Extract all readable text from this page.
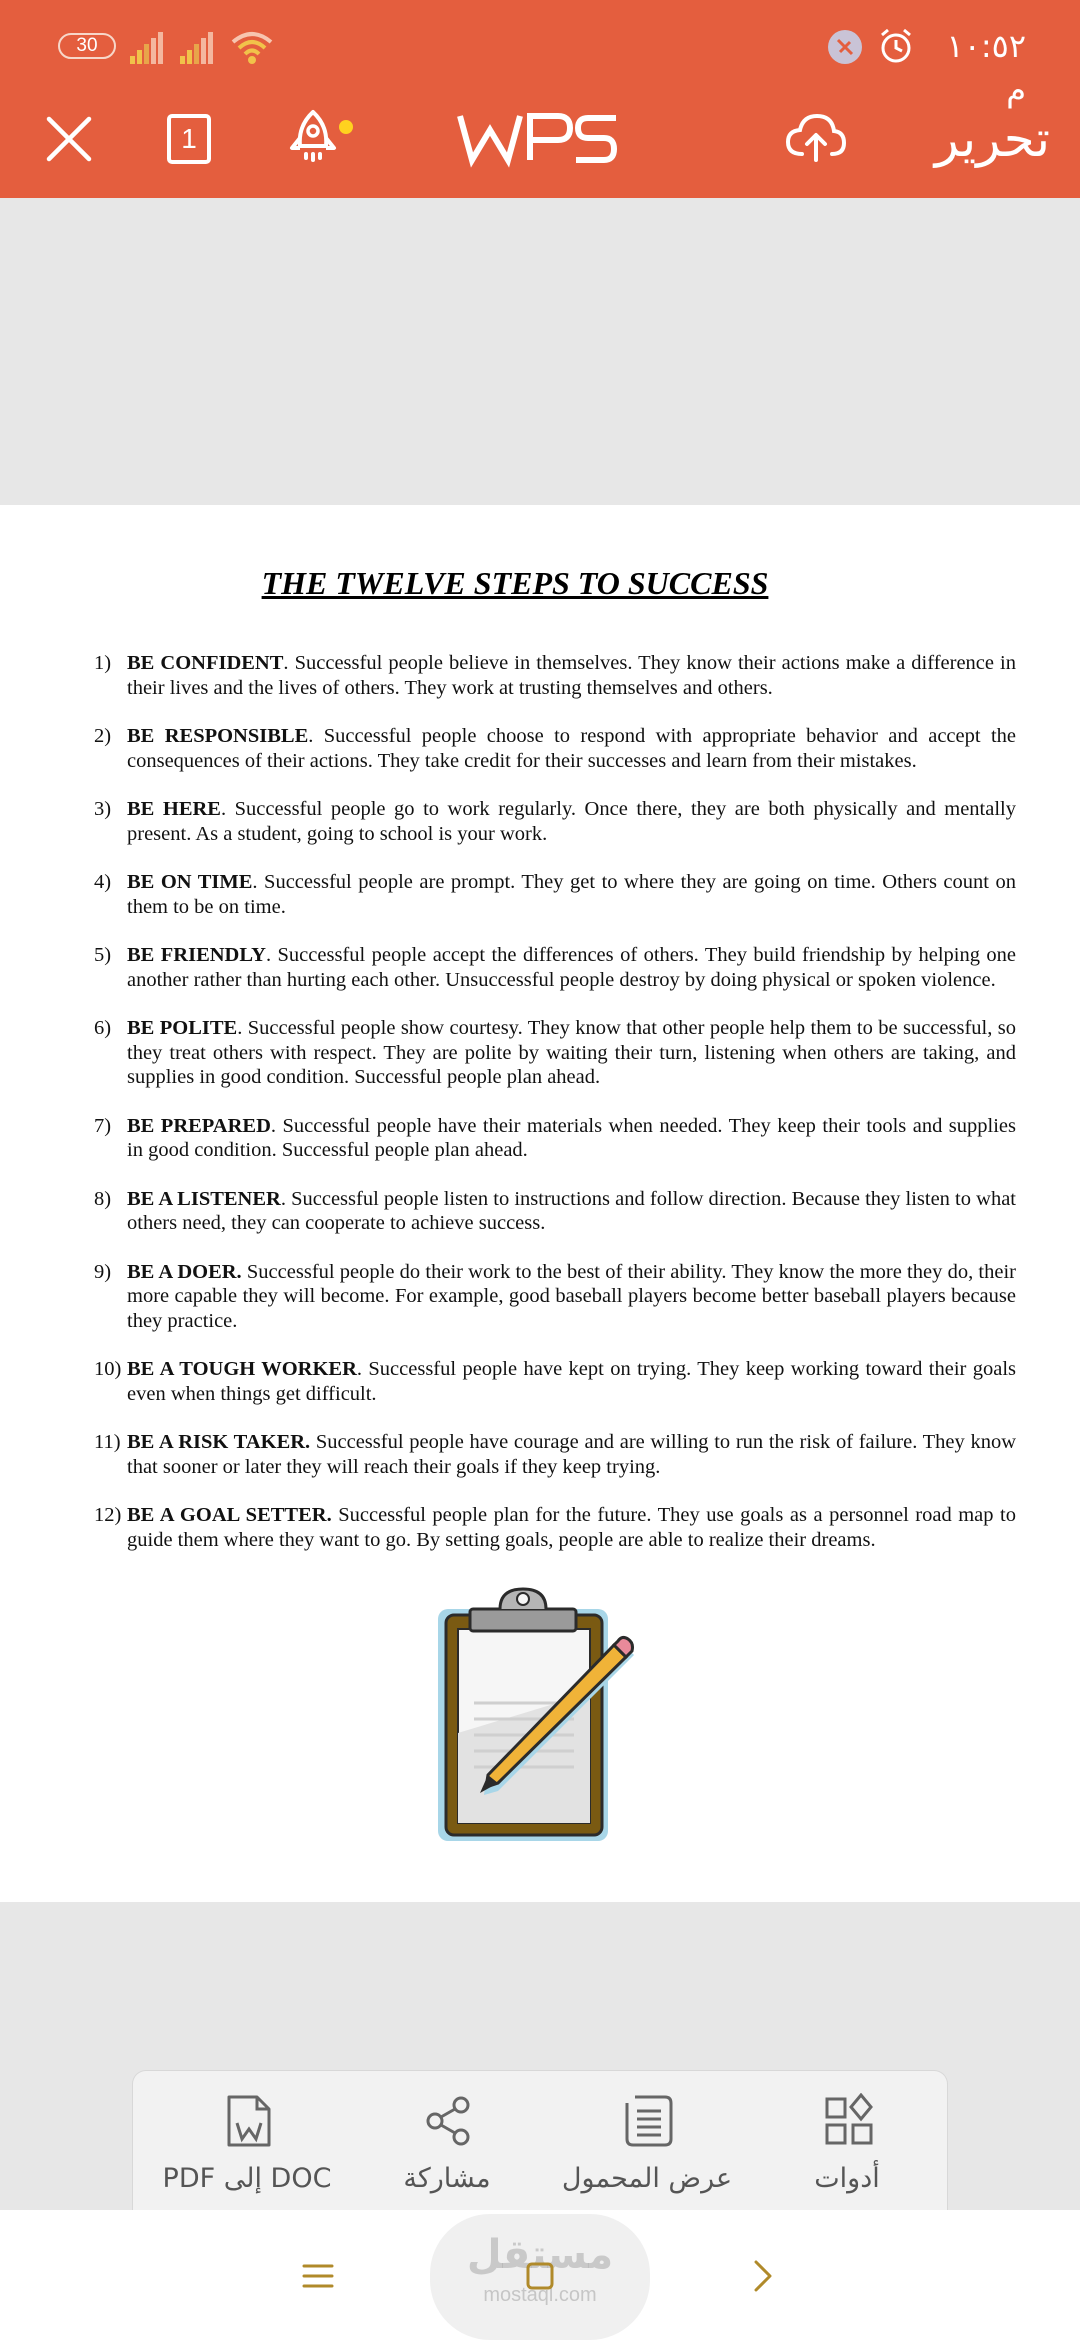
30	١٠:٥٢ م
1	تحرير
THE TWELVE STEPS TO SUCCESS
1) BE CONFIDENT. Successful people believe in themselves. They know their actions make a difference in their lives and the lives of others. They work at trusting themselves and others.
2) BE RESPONSIBLE. Successful people choose to respond with appropriate behavior and accept the consequences of their actions. They take credit for their successes and learn from their mistakes.
3) BE HERE. Successful people go to work regularly. Once there, they are both physically and mentally present. As a student, going to school is your work.
4) BE ON TIME. Successful people are prompt. They get to where they are going on time. Others count on them to be on time.
5) BE FRIENDLY. Successful people accept the differences of others. They build friendship by helping one another rather than hurting each other. Unsuccessful people destroy by doing physical or spoken violence.
6) BE POLITE. Successful people show courtesy. They know that other people help them to be successful, so they treat others with respect. They are polite by waiting their turn, listening when others are taking, and supplies in good condition. Successful people plan ahead.
7) BE PREPARED. Successful people have their materials when needed. They keep their tools and supplies in good condition. Successful people plan ahead.
8) BE A LISTENER. Successful people listen to instructions and follow direction. Because they listen to what others need, they can cooperate to achieve success.
9) BE A DOER. Successful people do their work to the best of their ability. They know the more they do, their more capable they will become. For example, good baseball players become better baseball players because they practice.
10) BE A TOUGH WORKER. Successful people have kept on trying. They keep working toward their goals even when things get difficult.
11) BE A RISK TAKER. Successful people have courage and are willing to run the risk of failure. They know that sooner or later they will reach their goals if they keep trying.
12) BE A GOAL SETTER. Successful people plan for the future. They use goals as a personnel road map to guide them where they want to go. By setting goals, people are able to realize their dreams.
PDF إلى DOC	مشاركة	عرض المحمول	أدوات
مستقل
mostaql.com
